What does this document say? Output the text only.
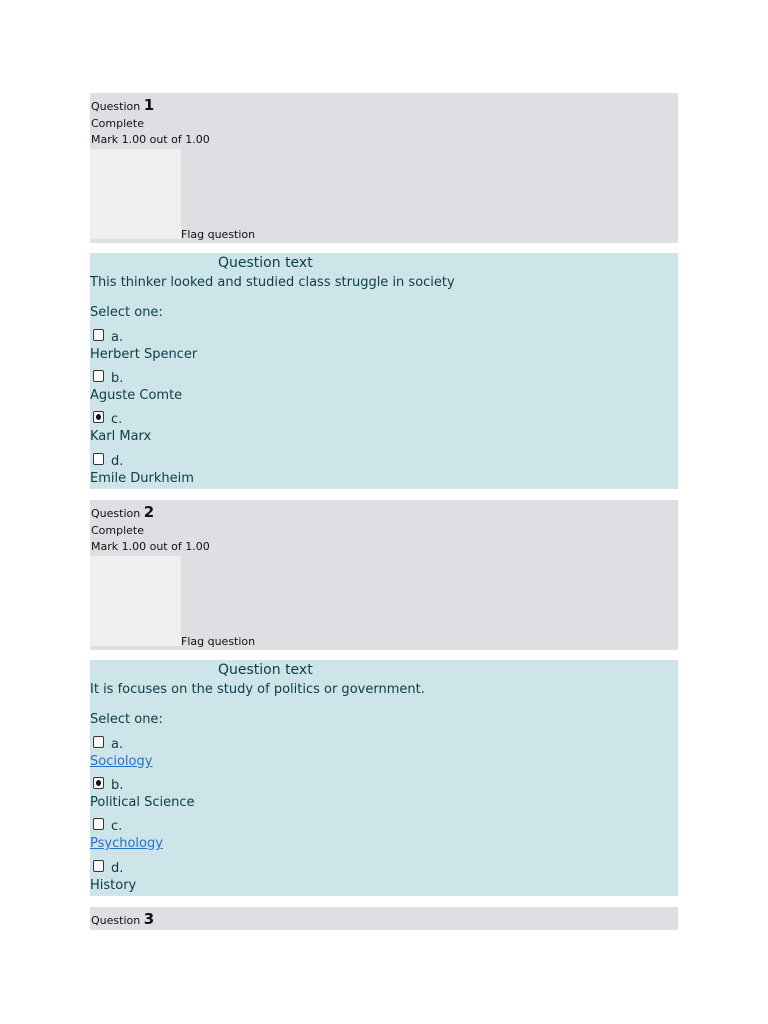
Question 1
Complete
Mark 1.00 out of 1.00
Flag question
Question text
This thinker looked and studied class struggle in society
Select one:
a.
Herbert Spencer
b.
Aguste Comte
c.
Karl Marx
d.
Emile Durkheim
Question 2
Complete
Mark 1.00 out of 1.00
Flag question
Question text
It is focuses on the study of politics or government.
Select one:
a.
Sociology
b.
Political Science
c.
Psychology
d.
History
Question 3
